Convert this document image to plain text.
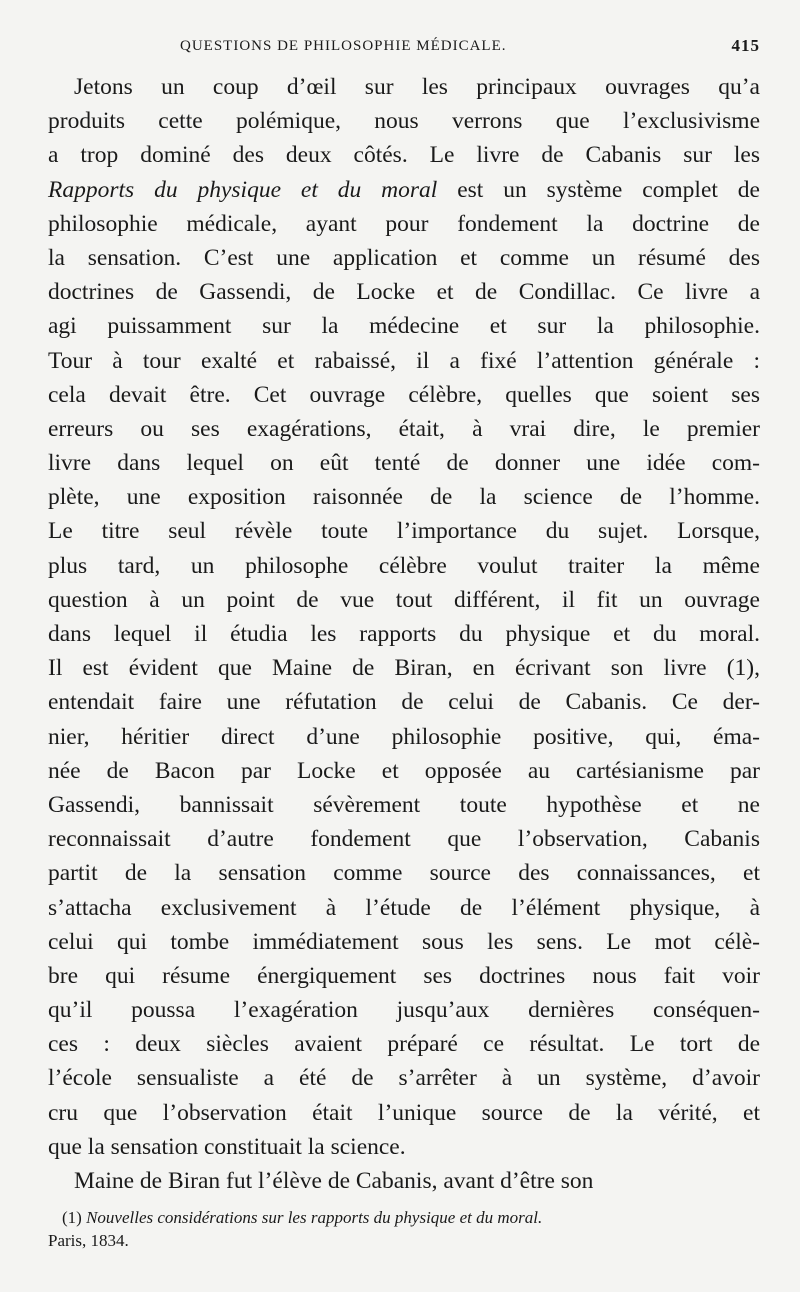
QUESTIONS DE PHILOSOPHIE MÉDICALE.	415
Jetons un coup d’œil sur les principaux ouvrages qu’a
produits cette polémique, nous verrons que l’exclusivisme
a trop dominé des deux côtés. Le livre de Cabanis sur les
Rapports du physique et du moral est un système complet de
philosophie médicale, ayant pour fondement la doctrine de
la sensation. C’est une application et comme un résumé des
doctrines de Gassendi, de Locke et de Condillac. Ce livre a
agi puissamment sur la médecine et sur la philosophie.
Tour à tour exalté et rabaissé, il a fixé l’attention générale :
cela devait être. Cet ouvrage célèbre, quelles que soient ses
erreurs ou ses exagérations, était, à vrai dire, le premier
livre dans lequel on eût tenté de donner une idée com-
plète, une exposition raisonnée de la science de l’homme.
Le titre seul révèle toute l’importance du sujet. Lorsque,
plus tard, un philosophe célèbre voulut traiter la même
question à un point de vue tout différent, il fit un ouvrage
dans lequel il étudia les rapports du physique et du moral.
Il est évident que Maine de Biran, en écrivant son livre (1),
entendait faire une réfutation de celui de Cabanis. Ce der-
nier, héritier direct d’une philosophie positive, qui, éma-
née de Bacon par Locke et opposée au cartésianisme par
Gassendi, bannissait sévèrement toute hypothèse et ne
reconnaissait d’autre fondement que l’observation, Cabanis
partit de la sensation comme source des connaissances, et
s’attacha exclusivement à l’étude de l’élément physique, à
celui qui tombe immédiatement sous les sens. Le mot célè-
bre qui résume énergiquement ses doctrines nous fait voir
qu’il poussa l’exagération jusqu’aux dernières conséquen-
ces : deux siècles avaient préparé ce résultat. Le tort de
l’école sensualiste a été de s’arrêter à un système, d’avoir
cru que l’observation était l’unique source de la vérité, et
que la sensation constituait la science.
Maine de Biran fut l’élève de Cabanis, avant d’être son
(1) Nouvelles considérations sur les rapports du physique et du moral.
Paris, 1834.
